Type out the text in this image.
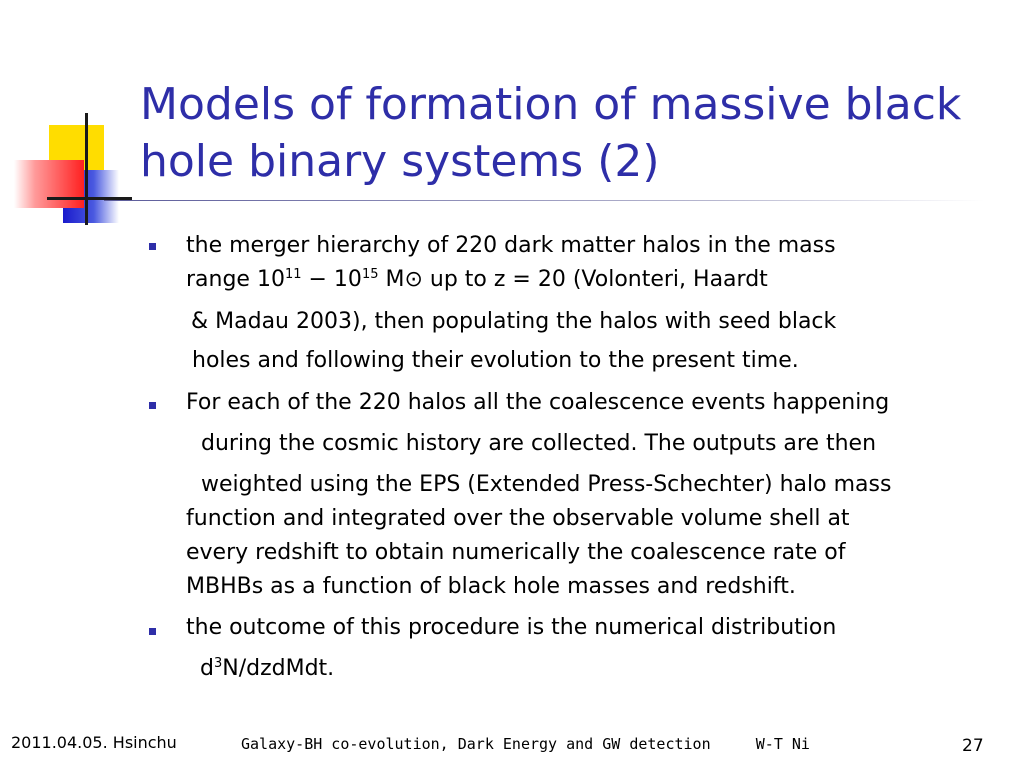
Models of formation of massive black
hole binary systems (2)
the merger hierarchy of 220 dark matter halos in the mass
range $10^{11} - 10^{15}$ M⊙ up to z = 20 (Volonteri, Haardt
& Madau 2003), then populating the halos with seed black
holes and following their evolution to the present time.
For each of the 220 halos all the coalescence events happening
during the cosmic history are collected. The outputs are then
weighted using the EPS (Extended Press-Schechter) halo mass
function and integrated over the observable volume shell at
every redshift to obtain numerically the coalescence rate of
MBHBs as a function of black hole masses and redshift.
the outcome of this procedure is the numerical distribution
$d^3N$/dzdMdt.
2011.04.05. Hsinchu	Galaxy-BH co-evolution, Dark Energy and GW detection     W-T Ni	27
